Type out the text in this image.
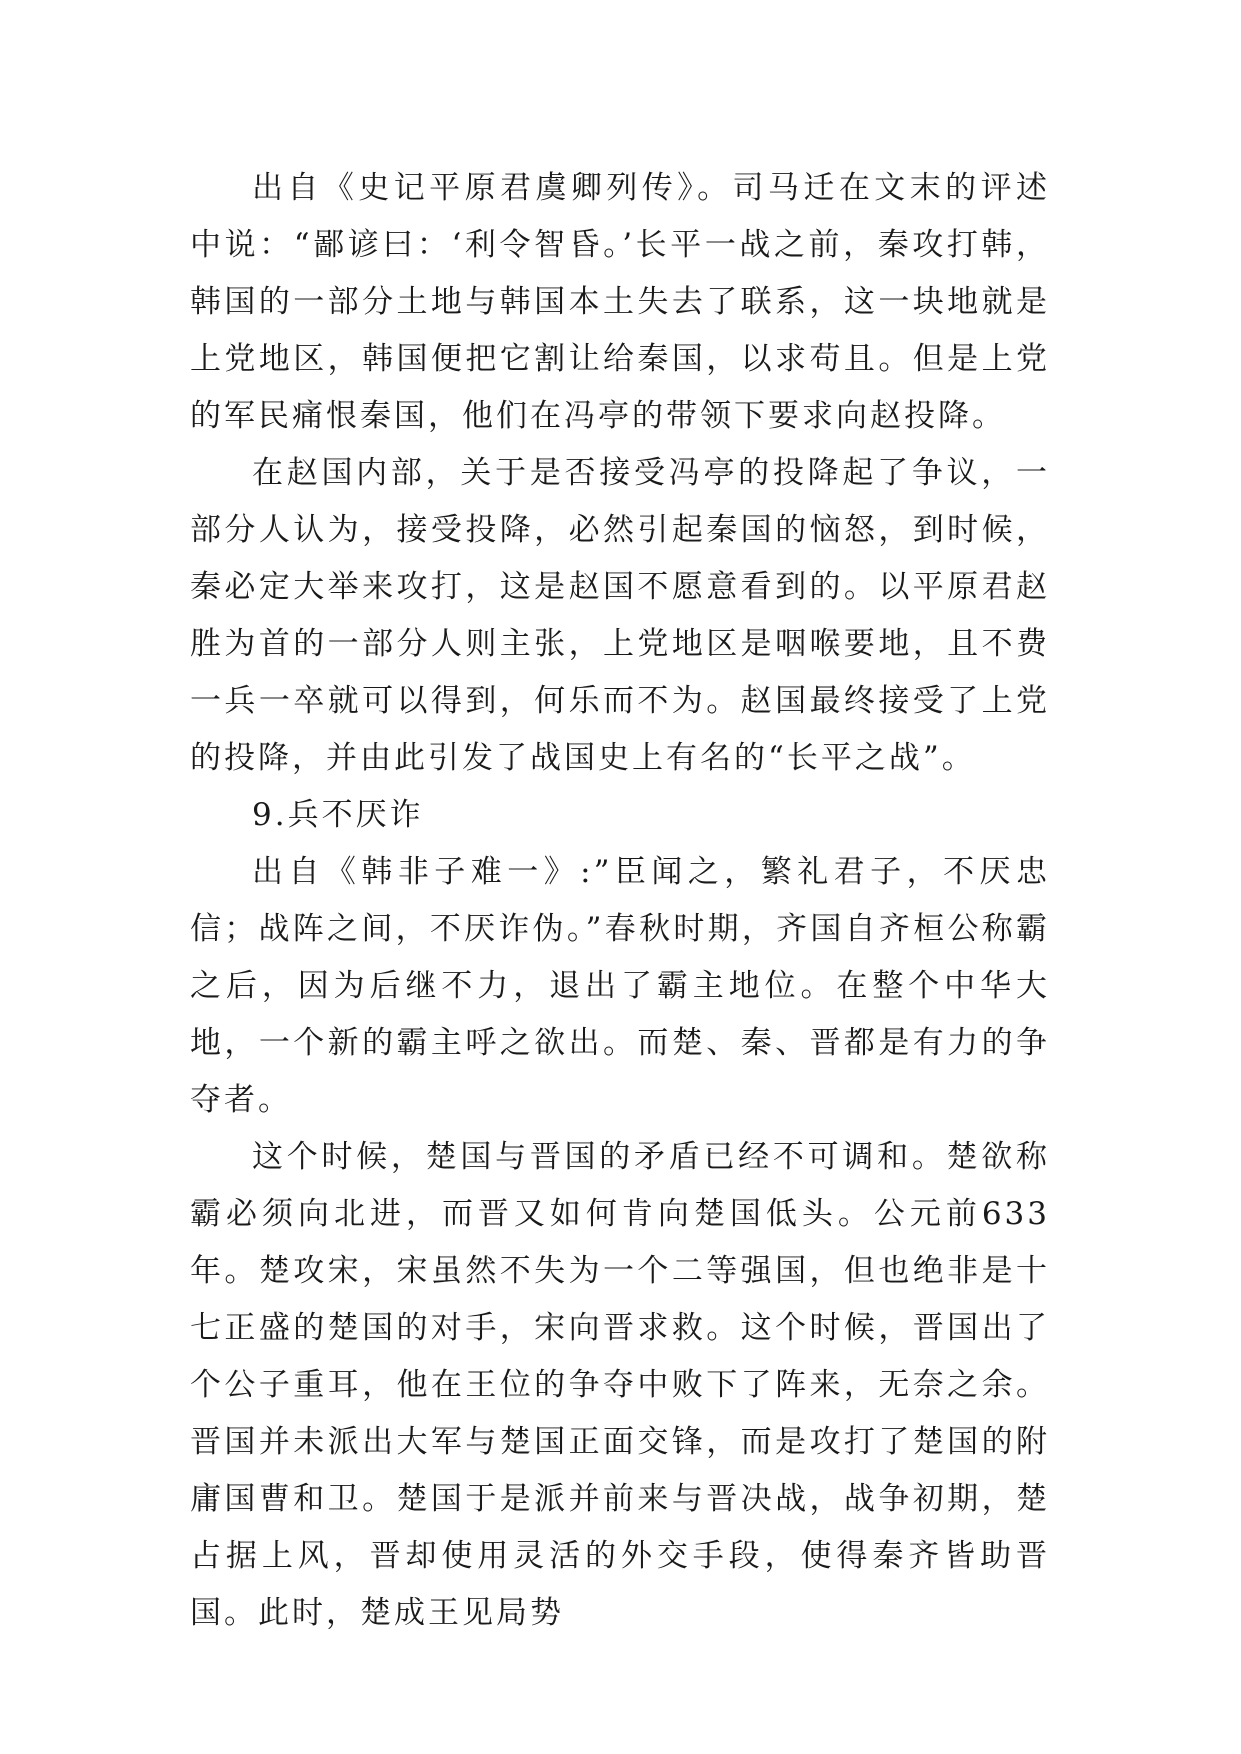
出自《史记平原君虞卿列传》。司马迁在文末的评述中说：“鄙谚曰：‘利令智昏。’长平一战之前，秦攻打韩，韩国的一部分土地与韩国本土失去了联系，这一块地就是上党地区，韩国便把它割让给秦国，以求苟且。但是上党的军民痛恨秦国，他们在冯亭的带领下要求向赵投降。

在赵国内部，关于是否接受冯亭的投降起了争议，一部分人认为，接受投降，必然引起秦国的恼怒，到时候，秦必定大举来攻打，这是赵国不愿意看到的。以平原君赵胜为首的一部分人则主张，上党地区是咽喉要地，且不费一兵一卒就可以得到，何乐而不为。赵国最终接受了上党的投降，并由此引发了战国史上有名的“长平之战”。

9.兵不厌诈

出自《韩非子难一》:”臣闻之，繁礼君子，不厌忠信；战阵之间，不厌诈伪。”春秋时期，齐国自齐桓公称霸之后，因为后继不力，退出了霸主地位。在整个中华大地，一个新的霸主呼之欲出。而楚、秦、晋都是有力的争夺者。

这个时候，楚国与晋国的矛盾已经不可调和。楚欲称霸必须向北进，而晋又如何肯向楚国低头。公元前633年。楚攻宋，宋虽然不失为一个二等强国，但也绝非是十七正盛的楚国的对手，宋向晋求救。这个时候，晋国出了个公子重耳，他在王位的争夺中败下了阵来，无奈之余。晋国并未派出大军与楚国正面交锋，而是攻打了楚国的附庸国曹和卫。楚国于是派并前来与晋决战，战争初期，楚占据上风，晋却使用灵活的外交手段，使得秦齐皆助晋国。此时，楚成王见局势
